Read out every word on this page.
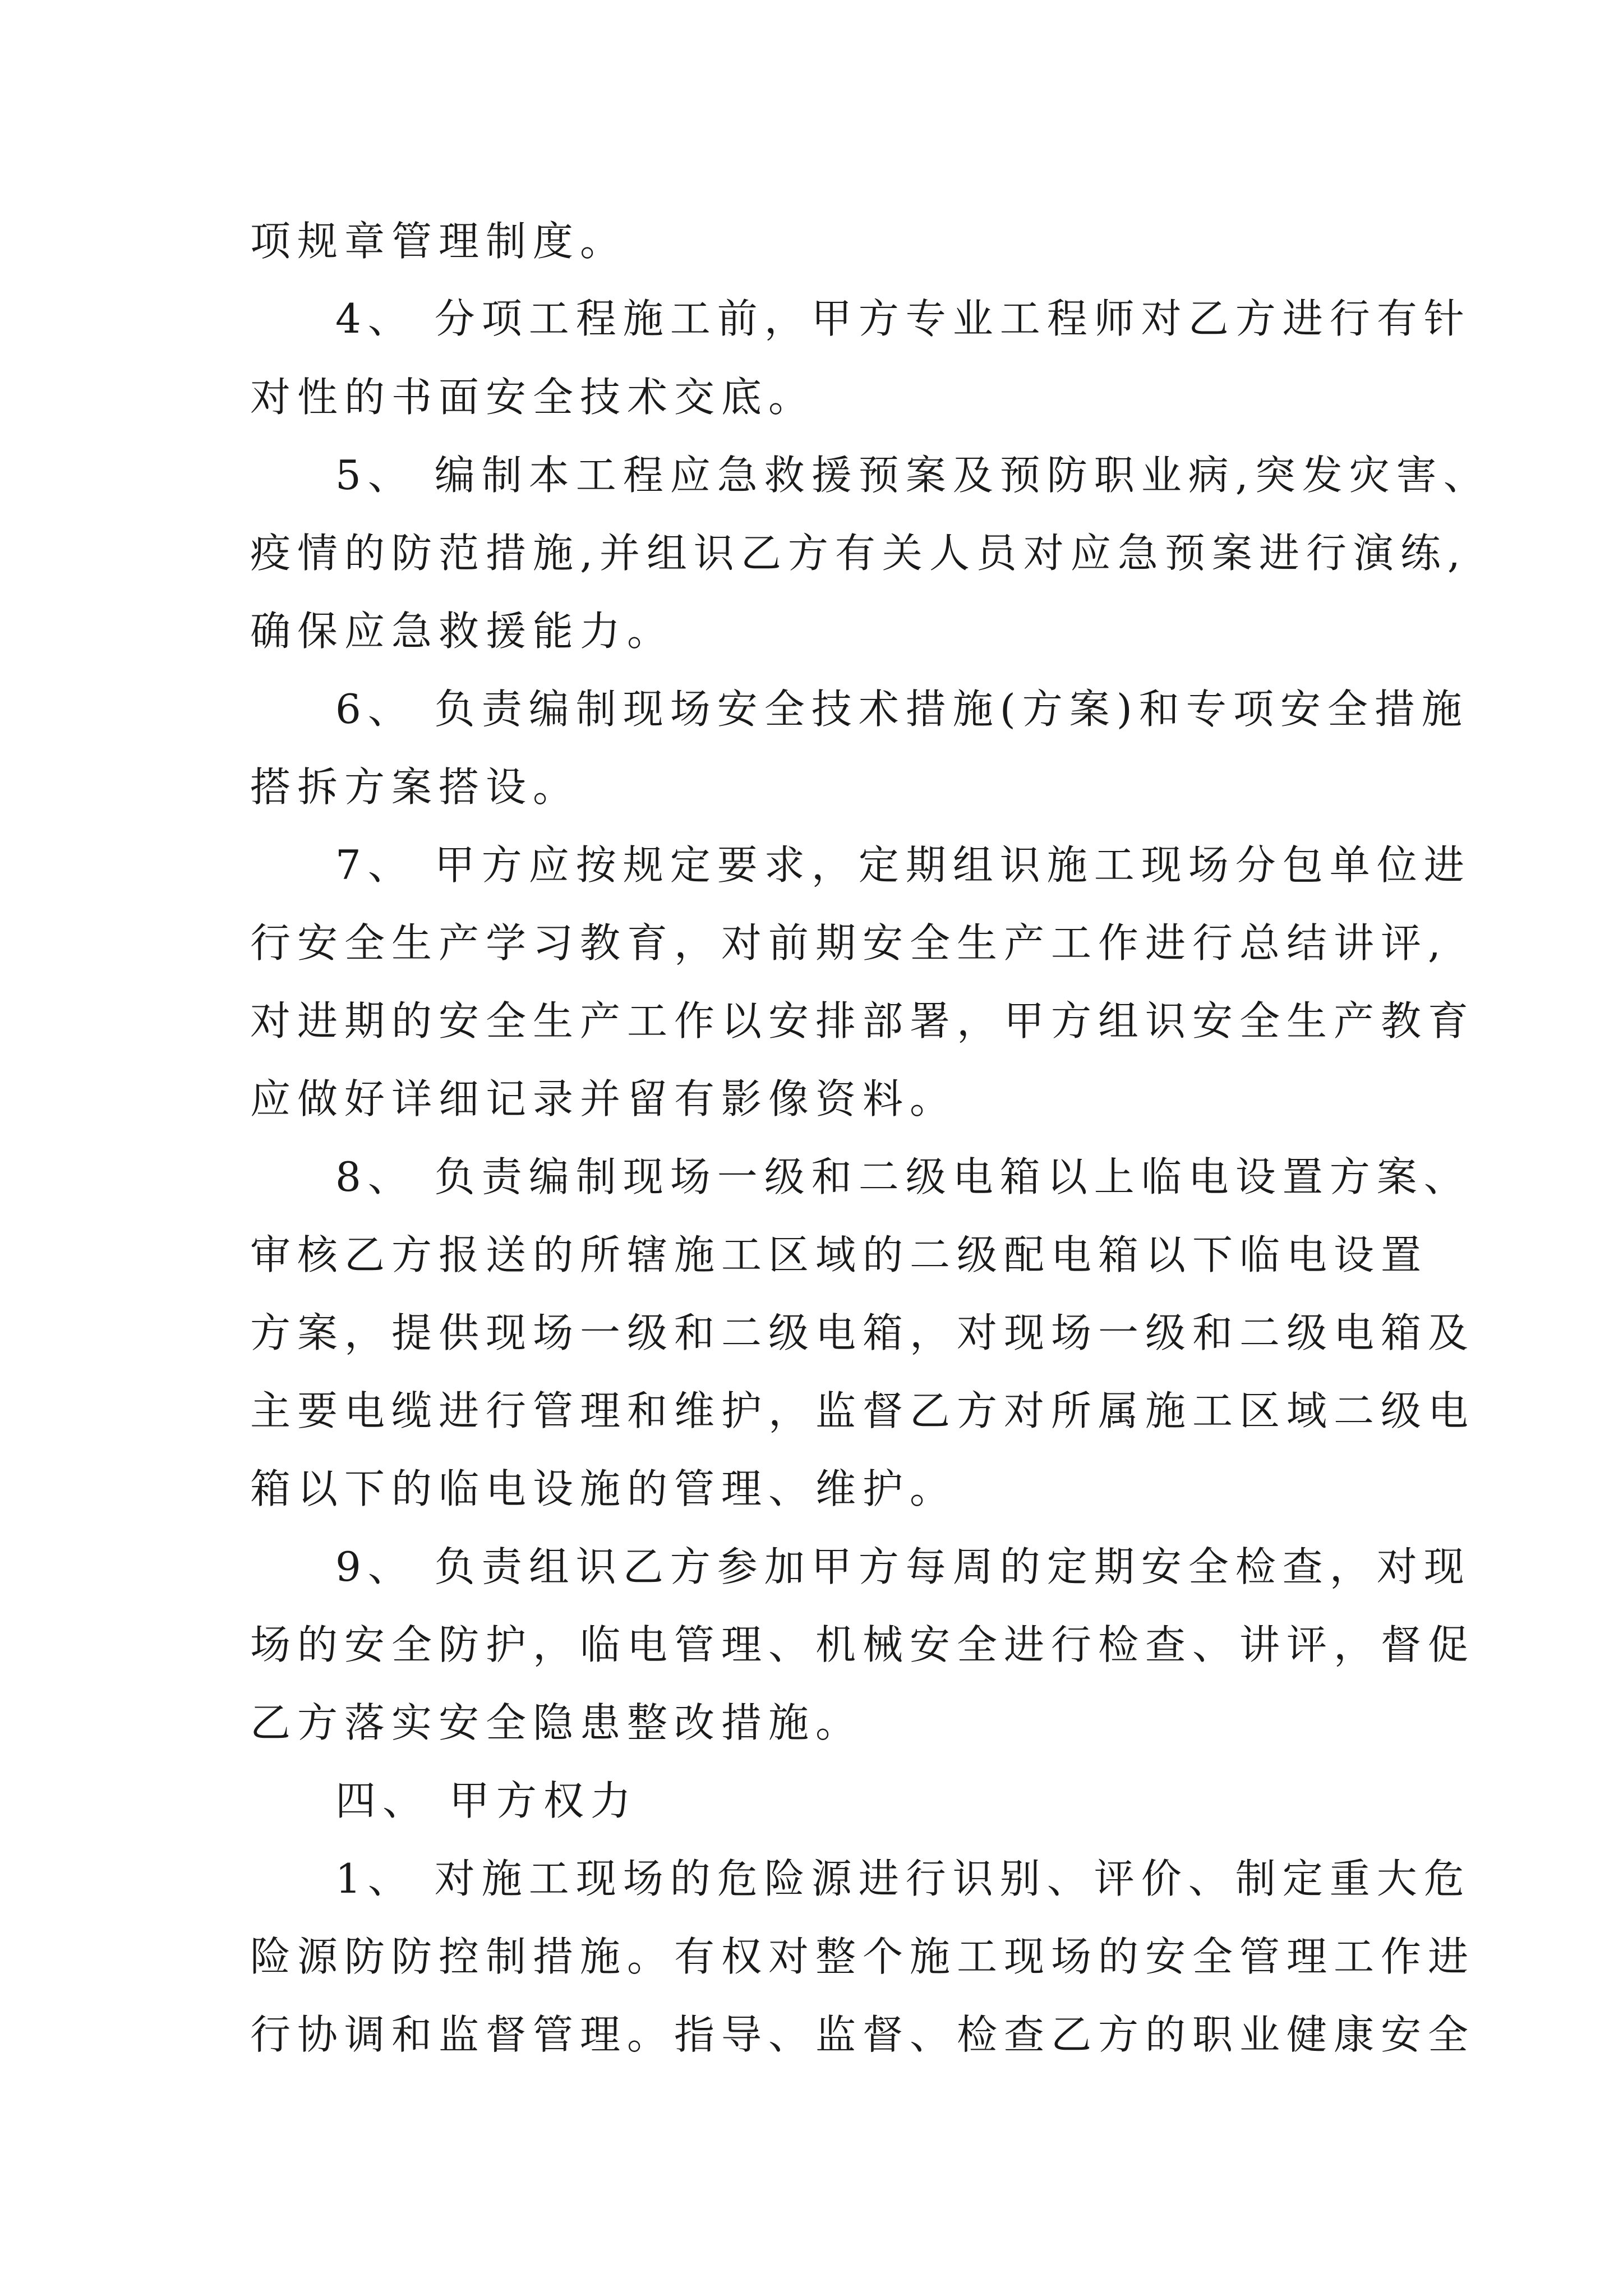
项规章管理制度。
4、 分项工程施工前，甲方专业工程师对乙方进行有针
对性的书面安全技术交底。
5、 编制本工程应急救援预案及预防职业病,突发灾害、
疫情的防范措施,并组识乙方有关人员对应急预案进行演练,
确保应急救援能力。
6、 负责编制现场安全技术措施(方案)和专项安全措施
搭拆方案搭设。
7、 甲方应按规定要求，定期组识施工现场分包单位进
行安全生产学习教育，对前期安全生产工作进行总结讲评,
对进期的安全生产工作以安排部署，甲方组识安全生产教育
应做好详细记录并留有影像资料。
8、 负责编制现场一级和二级电箱以上临电设置方案、
审核乙方报送的所辖施工区域的二级配电箱以下临电设置
方案，提供现场一级和二级电箱，对现场一级和二级电箱及
主要电缆进行管理和维护，监督乙方对所属施工区域二级电
箱以下的临电设施的管理、维护。
9、 负责组识乙方参加甲方每周的定期安全检查，对现
场的安全防护，临电管理、机械安全进行检查、讲评，督促
乙方落实安全隐患整改措施。
四、 甲方权力
1、 对施工现场的危险源进行识别、评价、制定重大危
险源防防控制措施。有权对整个施工现场的安全管理工作进
行协调和监督管理。指导、监督、检查乙方的职业健康安全
